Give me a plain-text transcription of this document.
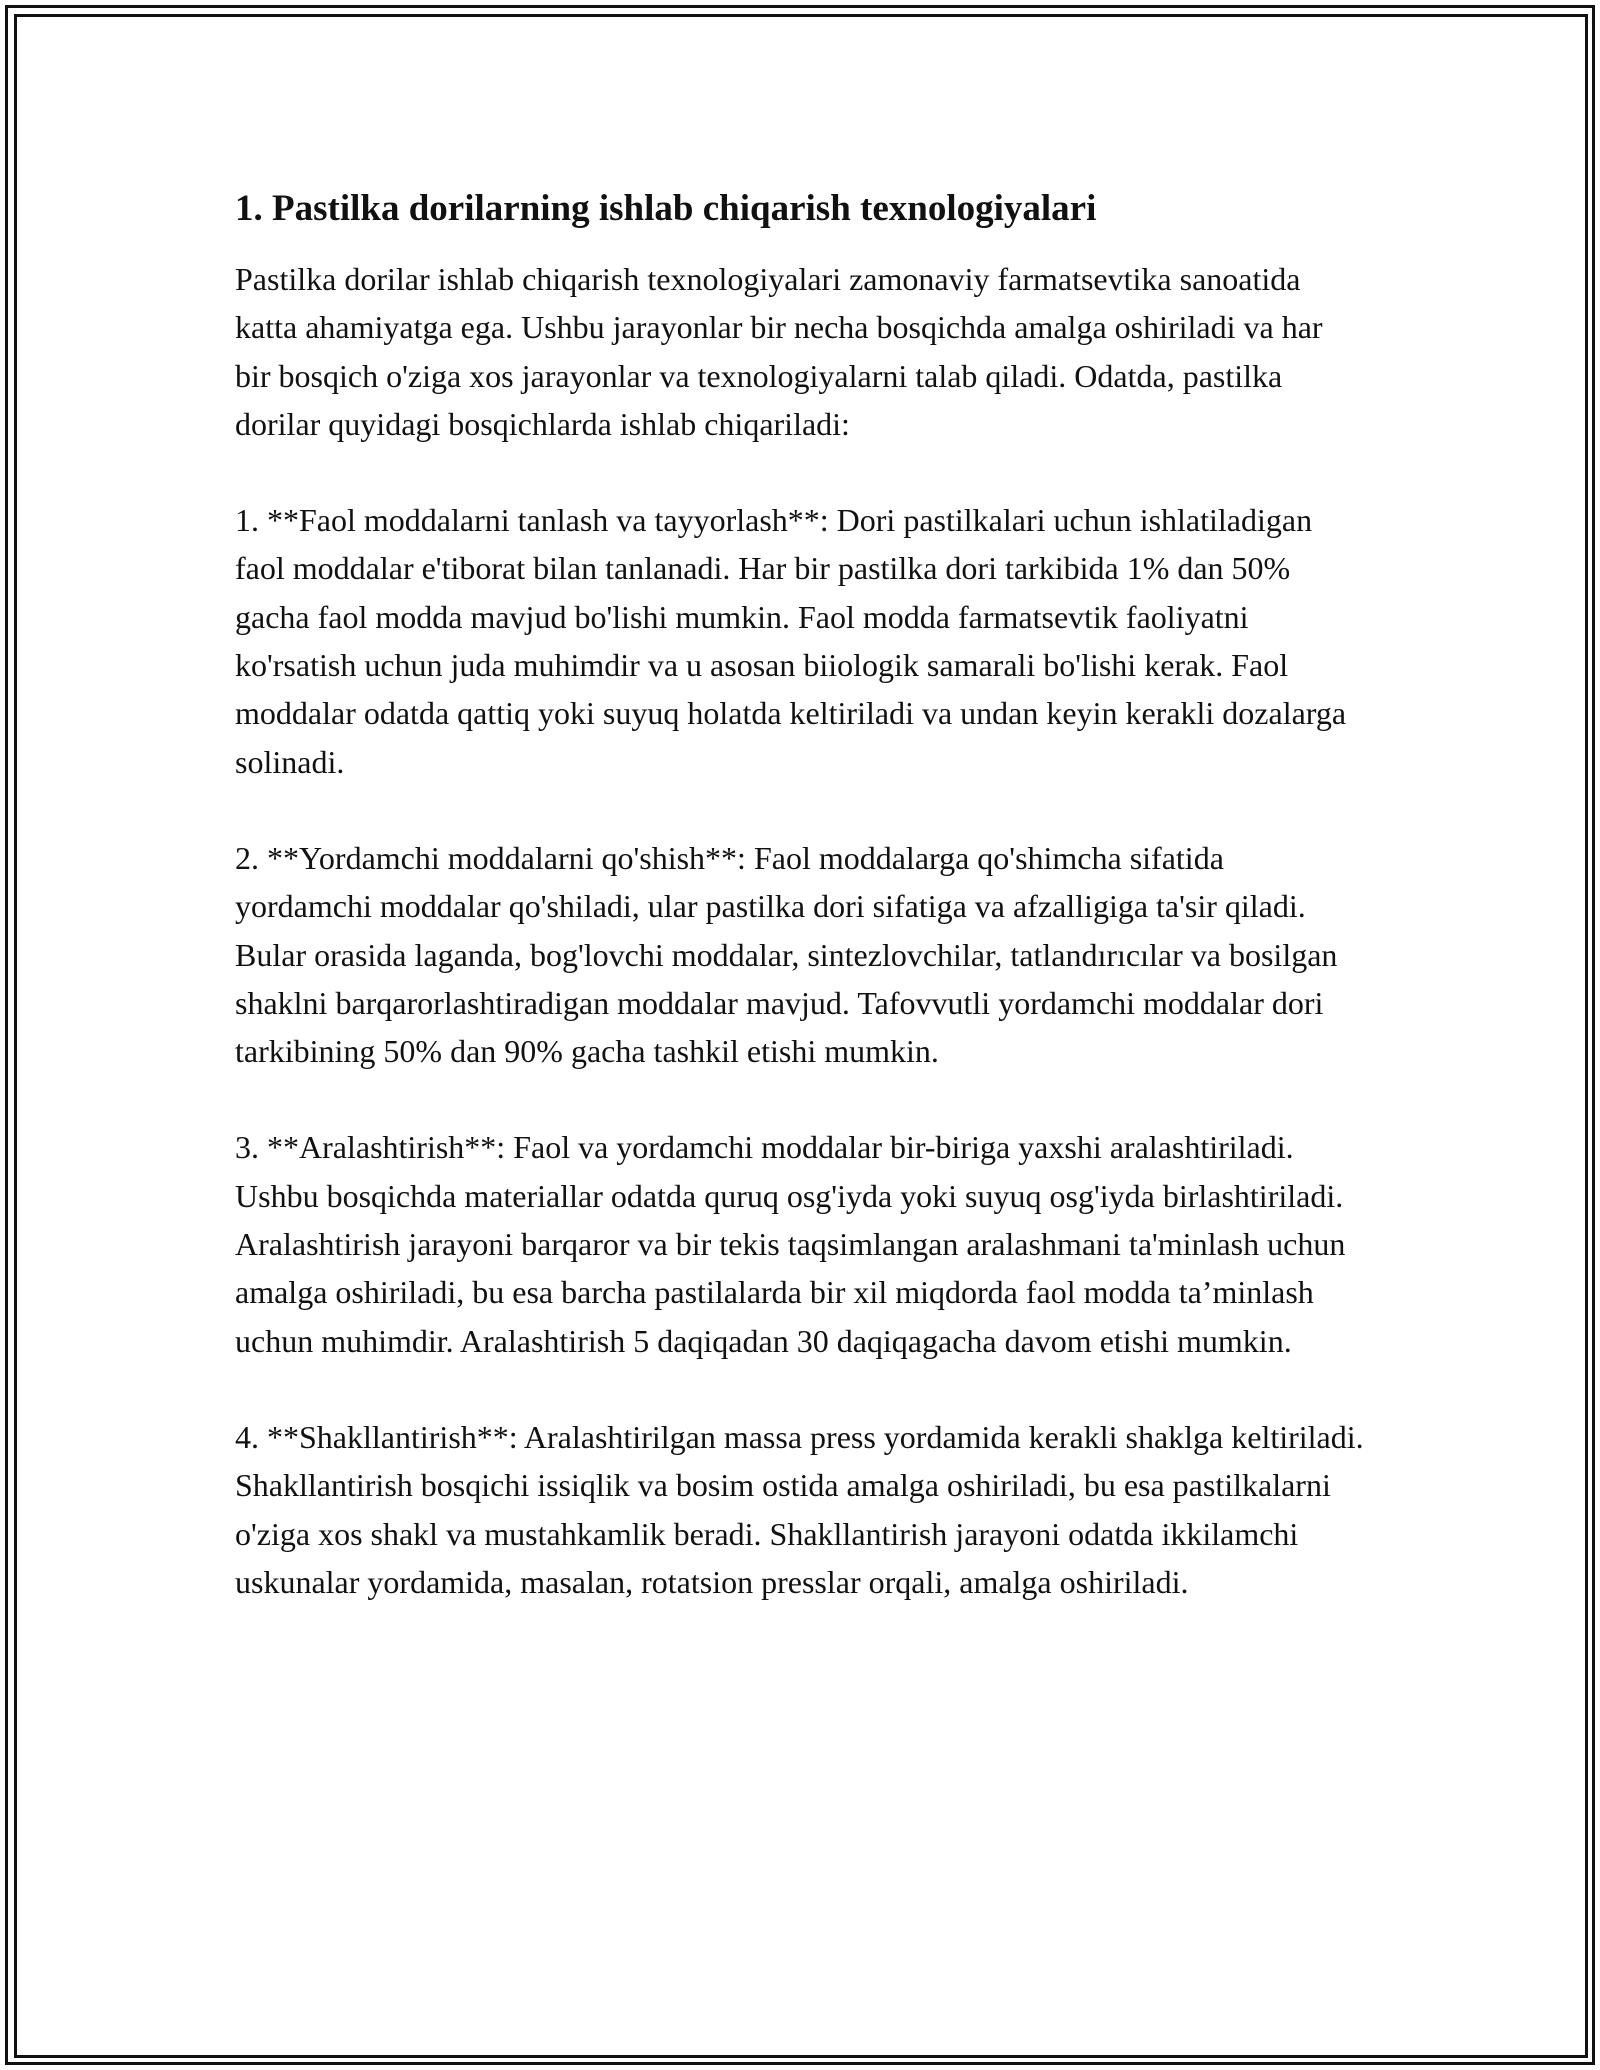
1. Pastilka dorilarning ishlab chiqarish texnologiyalari

Pastilka dorilar ishlab chiqarish texnologiyalari zamonaviy farmatsevtika sanoatida katta ahamiyatga ega. Ushbu jarayonlar bir necha bosqichda amalga oshiriladi va har bir bosqich o'ziga xos jarayonlar va texnologiyalarni talab qiladi. Odatda, pastilka dorilar quyidagi bosqichlarda ishlab chiqariladi:

1. **Faol moddalarni tanlash va tayyorlash**: Dori pastilkalari uchun ishlatiladigan faol moddalar e'tiborat bilan tanlanadi. Har bir pastilka dori tarkibida 1% dan 50% gacha faol modda mavjud bo'lishi mumkin. Faol modda farmatsevtik faoliyatni ko'rsatish uchun juda muhimdir va u asosan biiologik samarali bo'lishi kerak. Faol moddalar odatda qattiq yoki suyuq holatda keltiriladi va undan keyin kerakli dozalarga solinadi.

2. **Yordamchi moddalarni qo'shish**: Faol moddalarga qo'shimcha sifatida yordamchi moddalar qo'shiladi, ular pastilka dori sifatiga va afzalligiga ta'sir qiladi. Bular orasida laganda, bog'lovchi moddalar, sintezlovchilar, tatlandırıcılar va bosilgan shaklni barqarorlashtiradigan moddalar mavjud. Tafovvutli yordamchi moddalar dori tarkibining 50% dan 90% gacha tashkil etishi mumkin.

3. **Aralashtirish**: Faol va yordamchi moddalar bir-biriga yaxshi aralashtiriladi. Ushbu bosqichda materiallar odatda quruq osg'iyda yoki suyuq osg'iyda birlashtiriladi. Aralashtirish jarayoni barqaror va bir tekis taqsimlangan aralashmani ta'minlash uchun amalga oshiriladi, bu esa barcha pastilalarda bir xil miqdorda faol modda ta’minlash uchun muhimdir. Aralashtirish 5 daqiqadan 30 daqiqagacha davom etishi mumkin.

4. **Shakllantirish**: Aralashtirilgan massa press yordamida kerakli shaklga keltiriladi. Shakllantirish bosqichi issiqlik va bosim ostida amalga oshiriladi, bu esa pastilkalarni o'ziga xos shakl va mustahkamlik beradi. Shakllantirish jarayoni odatda ikkilamchi uskunalar yordamida, masalan, rotatsion presslar orqali, amalga oshiriladi.
